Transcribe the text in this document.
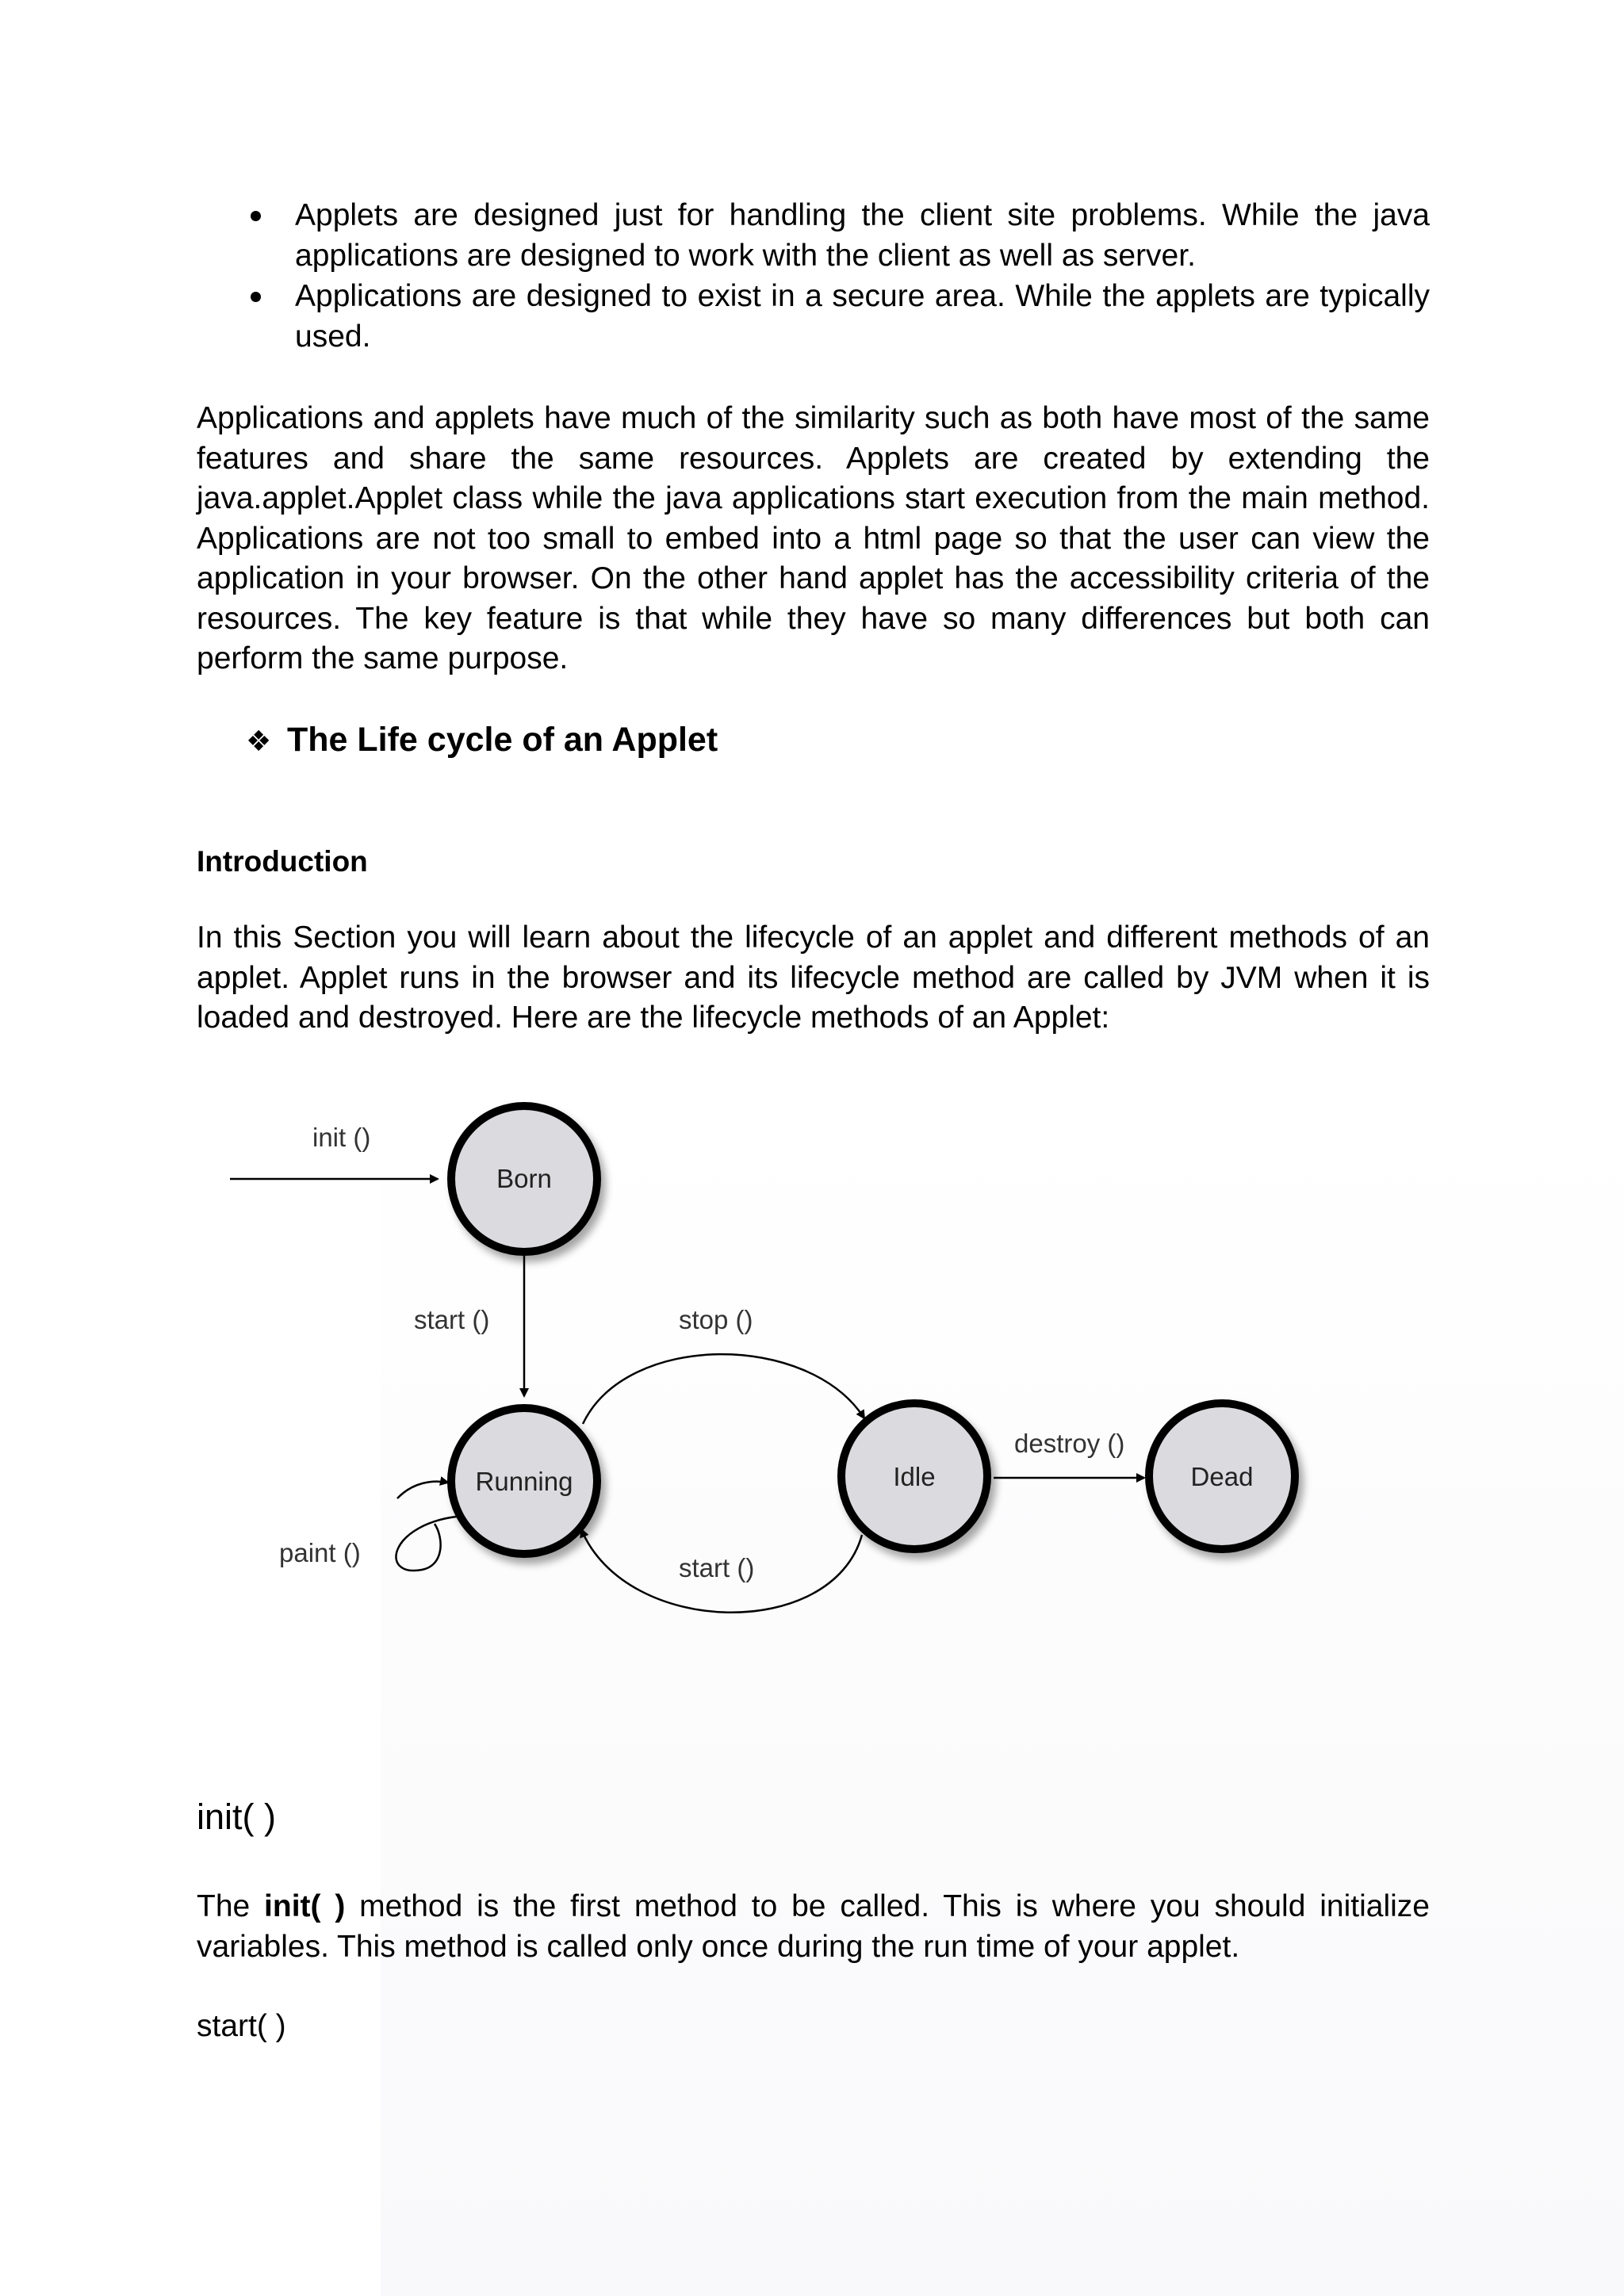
Applets are designed just for handling the client site problems. While the java applications are designed to work with the client as well as server.
Applications are designed to exist in a secure area. While the applets are typically used.
Applications and applets have much of the similarity such as both have most of the same features and share the same resources. Applets are created by extending the java.applet.Applet class while the java applications start execution from the main method. Applications are not too small to embed into a html page so that the user can view the application in your browser. On the other hand applet has the accessibility criteria of the resources. The key feature is that while they have so many differences but both can perform the same purpose.
❖ The Life cycle of an Applet
Introduction
In this Section you will learn about the lifecycle of an applet and different methods of an applet. Applet runs in the browser and its lifecycle method are called by JVM when it is loaded and destroyed. Here are the lifecycle methods of an Applet:
Born
Running	Idle	Dead
init ()
start ()	stop ()
destroy ()
start ()
paint ()
init( )
The init( ) method is the first method to be called. This is where you should initialize variables. This method is called only once during the run time of your applet.
start( )
